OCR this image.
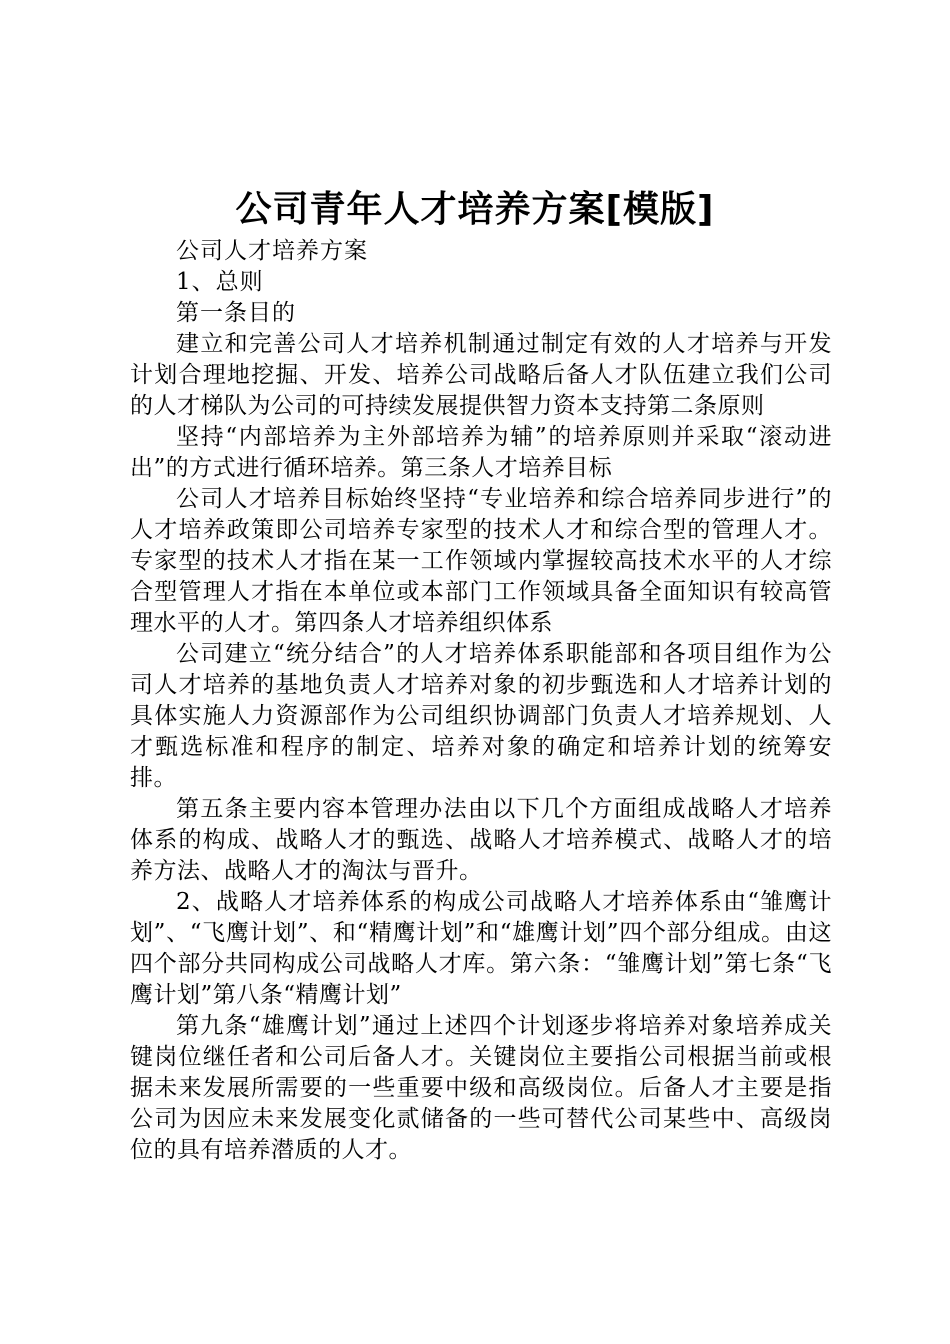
公司青年人才培养方案[模版]

公司人才培养方案

1、总则

第一条目的

建立和完善公司人才培养机制通过制定有效的人才培养与开发计划合理地挖掘、开发、培养公司战略后备人才队伍建立我们公司的人才梯队为公司的可持续发展提供智力资本支持第二条原则

坚持“内部培养为主外部培养为辅”的培养原则并采取“滚动进出”的方式进行循环培养。第三条人才培养目标

公司人才培养目标始终坚持“专业培养和综合培养同步进行”的人才培养政策即公司培养专家型的技术人才和综合型的管理人才。专家型的技术人才指在某一工作领域内掌握较高技术水平的人才综合型管理人才指在本单位或本部门工作领域具备全面知识有较高管理水平的人才。第四条人才培养组织体系

公司建立“统分结合”的人才培养体系职能部和各项目组作为公司人才培养的基地负责人才培养对象的初步甄选和人才培养计划的具体实施人力资源部作为公司组织协调部门负责人才培养规划、人才甄选标准和程序的制定、培养对象的确定和培养计划的统筹安排。

第五条主要内容本管理办法由以下几个方面组成战略人才培养体系的构成、战略人才的甄选、战略人才培养模式、战略人才的培养方法、战略人才的淘汰与晋升。

2、战略人才培养体系的构成公司战略人才培养体系由“雏鹰计划”、“飞鹰计划”、和“精鹰计划”和“雄鹰计划”四个部分组成。由这四个部分共同构成公司战略人才库。第六条：“雏鹰计划”第七条“飞鹰计划”第八条“精鹰计划”

第九条“雄鹰计划”通过上述四个计划逐步将培养对象培养成关键岗位继任者和公司后备人才。关键岗位主要指公司根据当前或根据未来发展所需要的一些重要中级和高级岗位。后备人才主要是指公司为因应未来发展变化贰储备的一些可替代公司某些中、高级岗位的具有培养潜质的人才。
